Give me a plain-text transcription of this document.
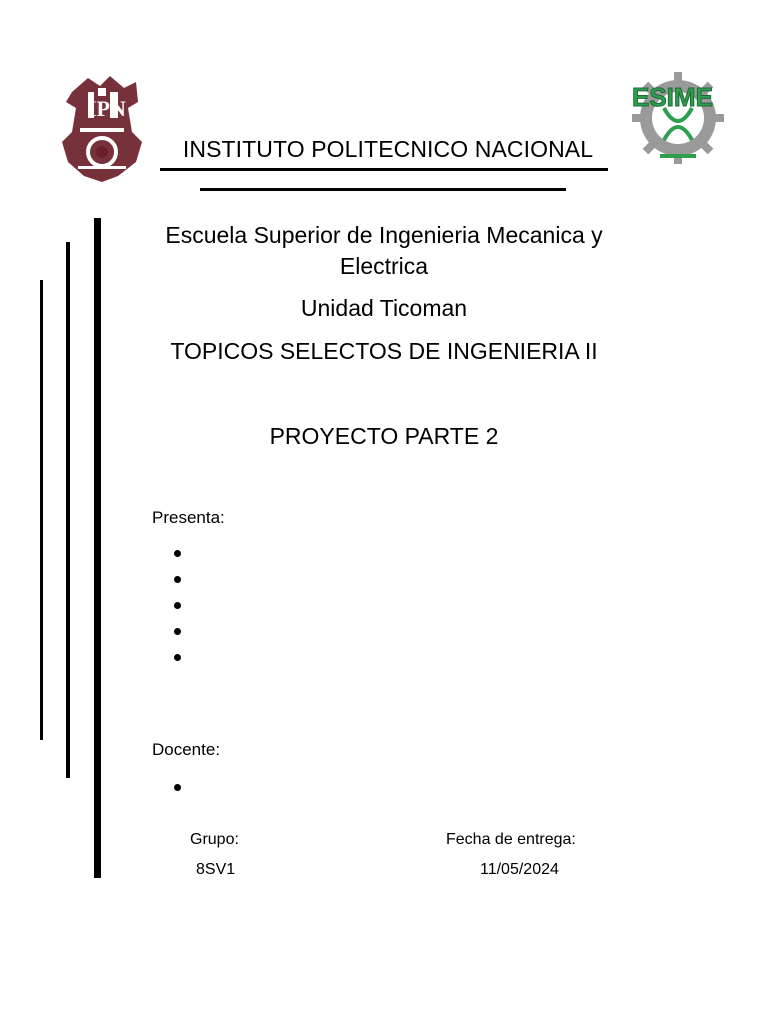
IPN	ESIME
INSTITUTO POLITECNICO NACIONAL
Escuela Superior de Ingenieria Mecanica y Electrica
Unidad Ticoman
TOPICOS SELECTOS DE INGENIERIA II
PROYECTO PARTE 2
Presenta:
Docente:
Grupo:
8SV1
Fecha de entrega:
11/05/2024
